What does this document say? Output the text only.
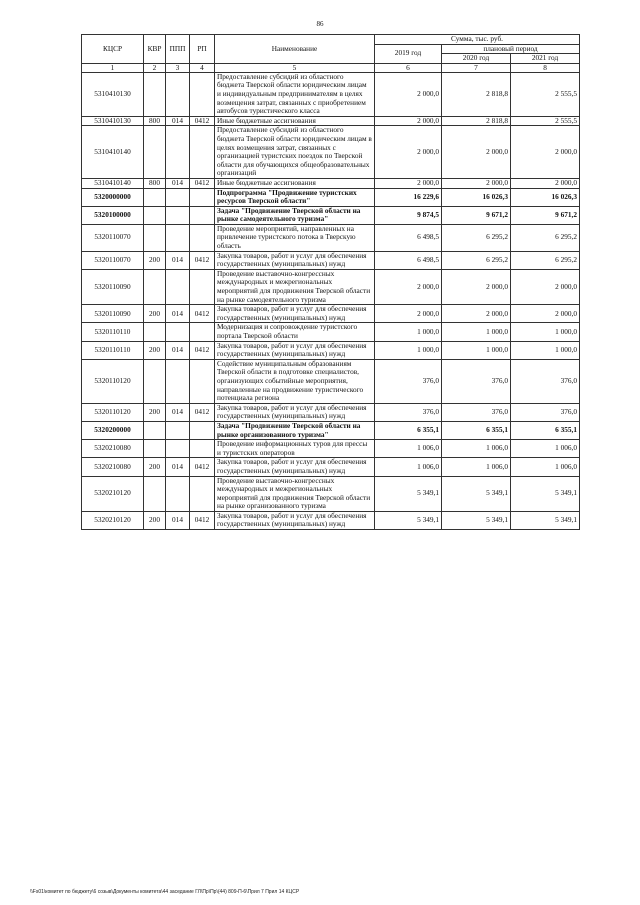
86
КЦСР	КВР	ППП	РП	Наименование	Сумма, тыс. руб.		
					2019 год	плановый период	
						2020 год	2021 год
1	2	3	4	5	6	7	8
5310410130				Предоставление субсидий из областного бюджета Тверской области юридическим лицам и индивидуальным предпринимателям в целях возмещения затрат, связанных с приобретением автобусов туристического класса	2 000,0	2 818,8	2 555,5
5310410130	800	014	0412	Иные бюджетные ассигнования	2 000,0	2 818,8	2 555,5
5310410140				Предоставление субсидий из областного бюджета Тверской области юридическим лицам в целях возмещения затрат, связанных с организацией туристских поездок по Тверской области для обучающихся общеобразовательных организаций	2 000,0	2 000,0	2 000,0
5310410140	800	014	0412	Иные бюджетные ассигнования	2 000,0	2 000,0	2 000,0
5320000000				Подпрограмма "Продвижение туристских ресурсов Тверской области"	16 229,6	16 026,3	16 026,3
5320100000				Задача "Продвижение Тверской области на рынке самодеятельного туризма"	9 874,5	9 671,2	9 671,2
5320110070				Проведение мероприятий, направленных на привлечение туристского потока в Тверскую область	6 498,5	6 295,2	6 295,2
5320110070	200	014	0412	Закупка товаров, работ и услуг для обеспечения государственных (муниципальных) нужд	6 498,5	6 295,2	6 295,2
5320110090				Проведение выставочно-конгрессных международных и межрегиональных мероприятий для продвижения Тверской области на рынке самодеятельного туризма	2 000,0	2 000,0	2 000,0
5320110090	200	014	0412	Закупка товаров, работ и услуг для обеспечения государственных (муниципальных) нужд	2 000,0	2 000,0	2 000,0
5320110110				Модернизация и сопровождение туристского портала Тверской области	1 000,0	1 000,0	1 000,0
5320110110	200	014	0412	Закупка товаров, работ и услуг для обеспечения государственных (муниципальных) нужд	1 000,0	1 000,0	1 000,0
5320110120				Содействие муниципальным образованиям Тверской области в подготовке специалистов, организующих событийные мероприятия, направленные на продвижение туристического потенциала региона	376,0	376,0	376,0
5320110120	200	014	0412	Закупка товаров, работ и услуг для обеспечения государственных (муниципальных) нужд	376,0	376,0	376,0
5320200000				Задача "Продвижение Тверской области на рынке организованного туризма"	6 355,1	6 355,1	6 355,1
5320210080				Проведение информационных туров для прессы и туристских операторов	1 006,0	1 006,0	1 006,0
5320210080	200	014	0412	Закупка товаров, работ и услуг для обеспечения государственных (муниципальных) нужд	1 006,0	1 006,0	1 006,0
5320210120				Проведение выставочно-конгрессных международных и межрегиональных мероприятий для продвижения Тверской области на рынке организованного туризма	5 349,1	5 349,1	5 349,1
5320210120	200	014	0412	Закупка товаров, работ и услуг для обеспечения государственных (муниципальных) нужд	5 349,1	5 349,1	5 349,1
\\Fs01\комитет по бюджету\6 созыв\Документы комитета\44 заседание ГЛ\Пр\Пр\(44) 809-П-6\Прил 7 Прил 14 КЦСР
